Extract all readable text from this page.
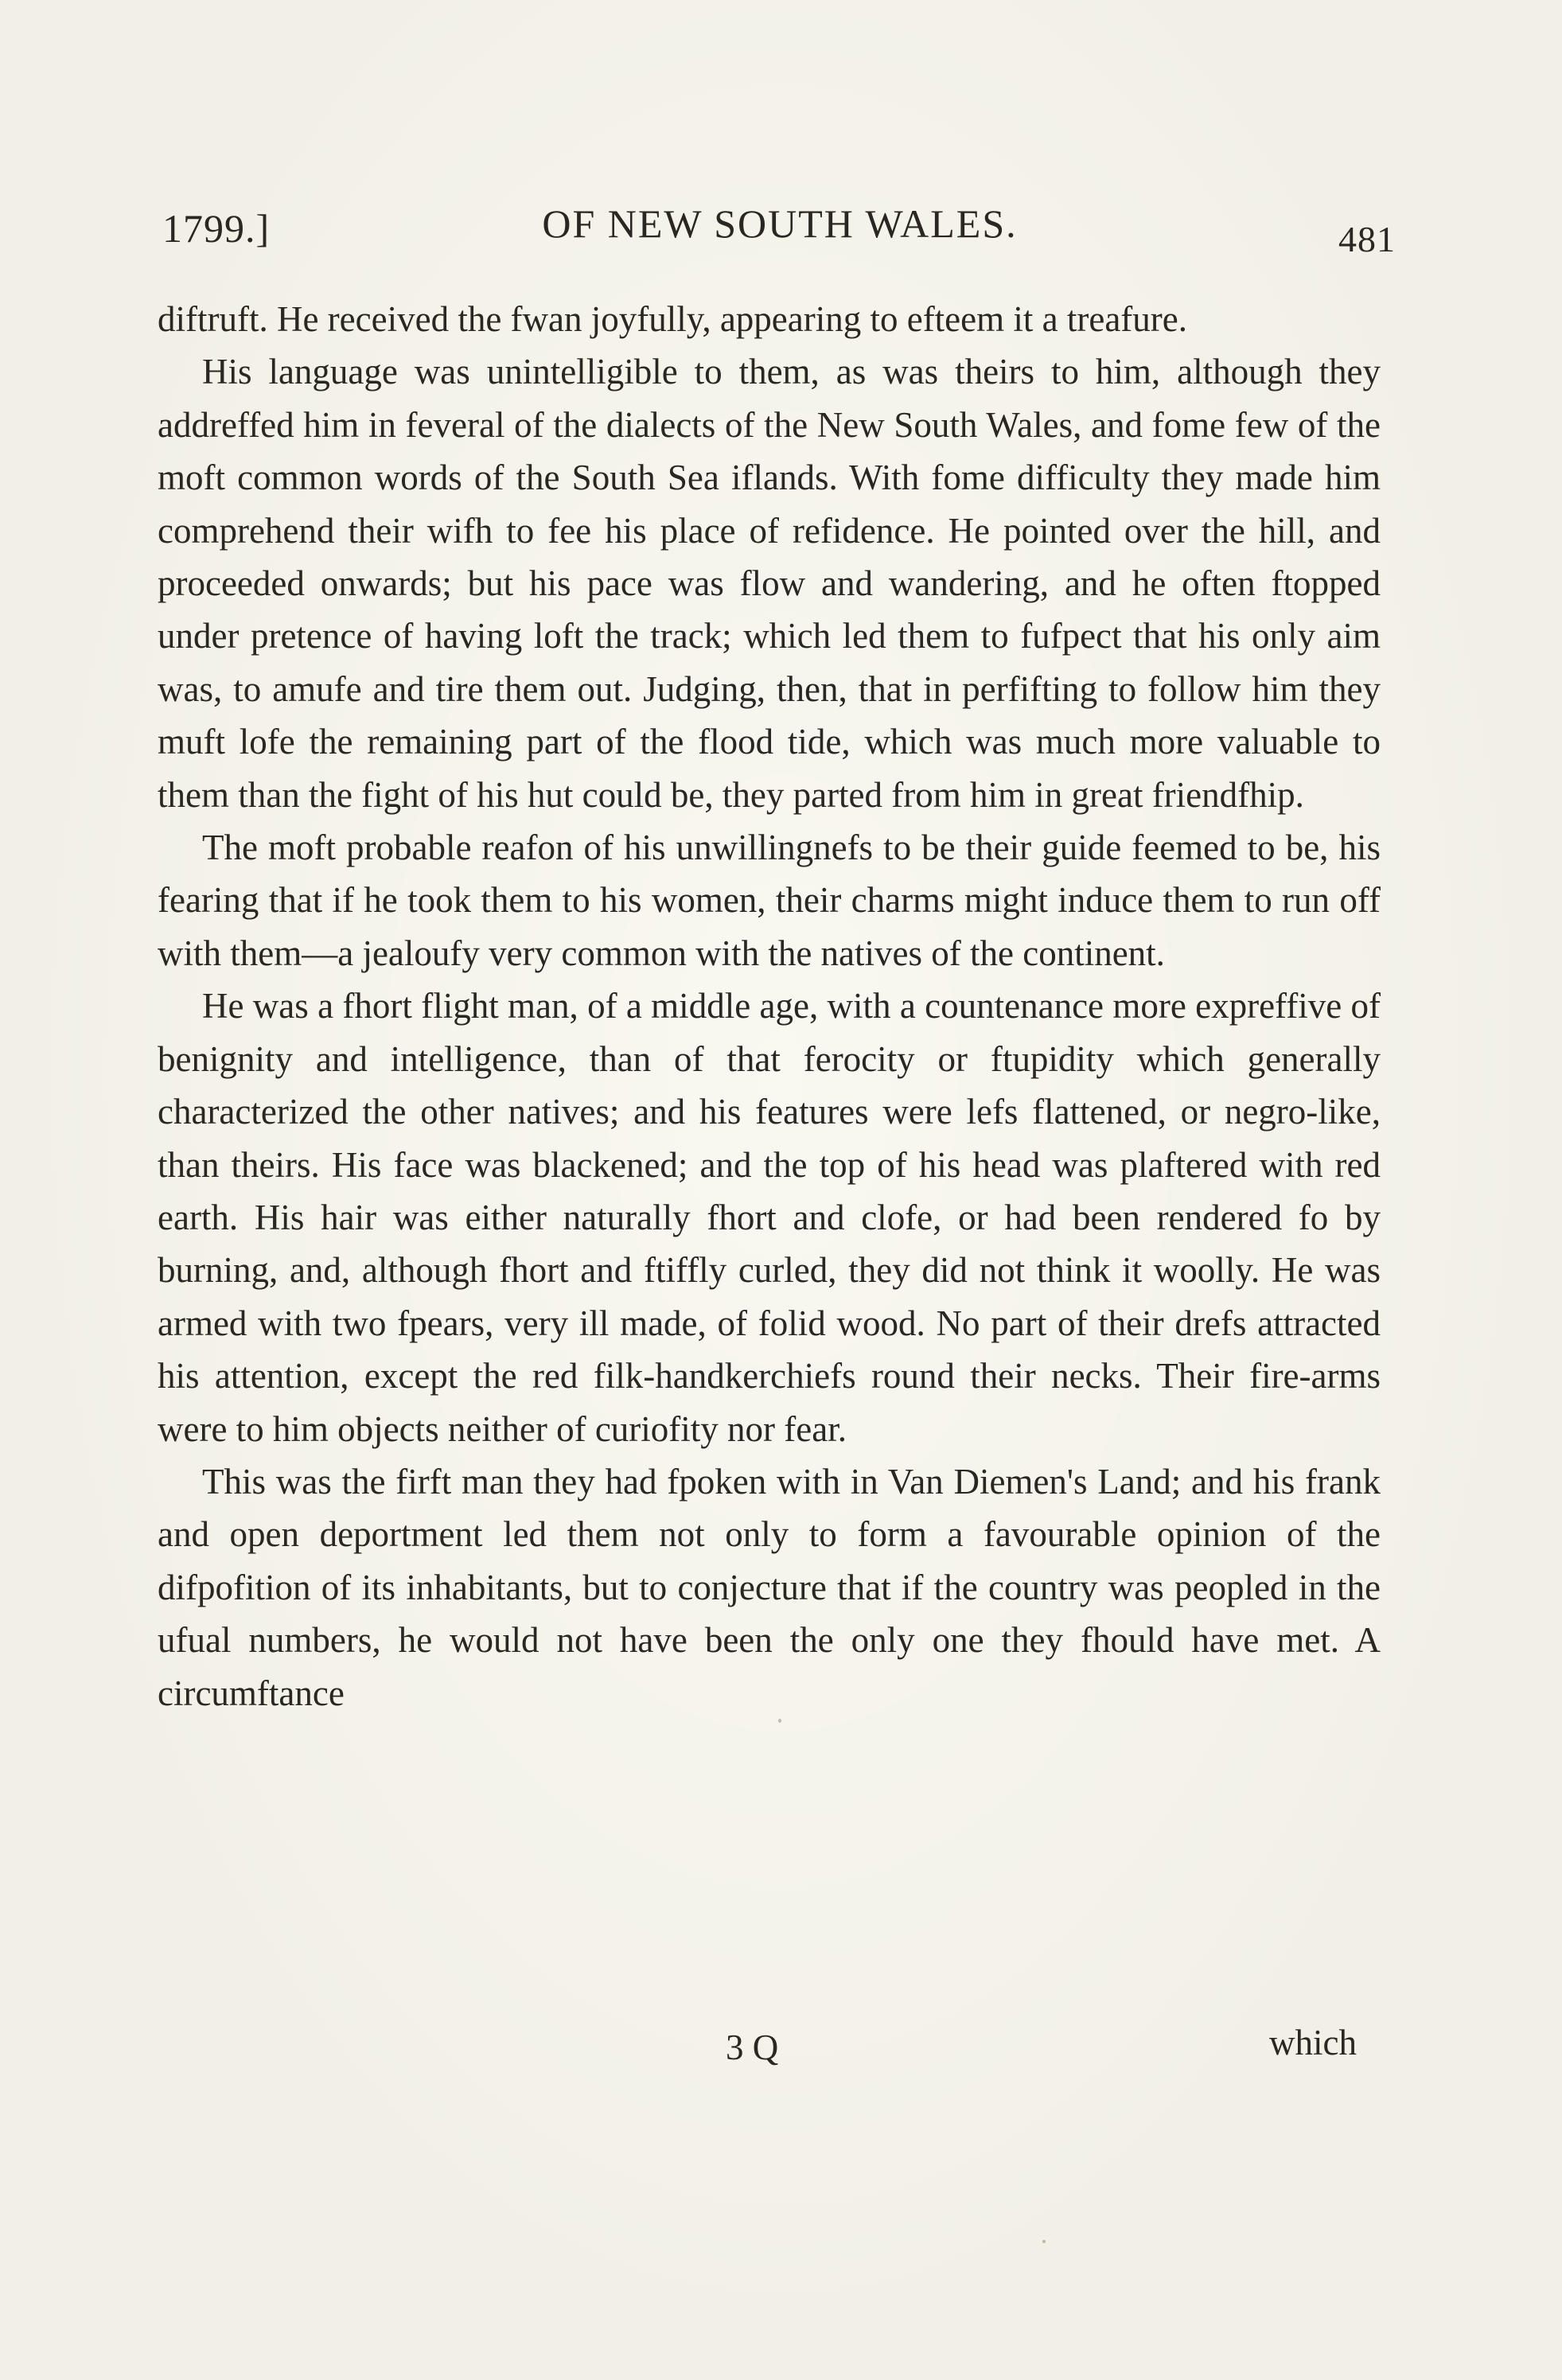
1799.]	OF NEW SOUTH WALES.	481

diftruft. He received the fwan joyfully, appearing to efteem it a treafure.

His language was unintelligible to them, as was theirs to him, although they addreffed him in feveral of the dialects of the New South Wales, and fome few of the moft common words of the South Sea iflands. With fome difficulty they made him comprehend their wifh to fee his place of refidence. He pointed over the hill, and proceeded onwards; but his pace was flow and wandering, and he often ftopped under pretence of having loft the track; which led them to fufpect that his only aim was, to amufe and tire them out. Judging, then, that in perfifting to follow him they muft lofe the remaining part of the flood tide, which was much more valuable to them than the fight of his hut could be, they parted from him in great friendfhip.

The moft probable reafon of his unwillingnefs to be their guide feemed to be, his fearing that if he took them to his women, their charms might induce them to run off with them—a jealoufy very common with the natives of the continent.

He was a fhort flight man, of a middle age, with a countenance more expreffive of benignity and intelligence, than of that ferocity or ftupidity which generally characterized the other natives; and his features were lefs flattened, or negro-like, than theirs. His face was blackened; and the top of his head was plaftered with red earth. His hair was either naturally fhort and clofe, or had been rendered fo by burning, and, although fhort and ftiffly curled, they did not think it woolly. He was armed with two fpears, very ill made, of folid wood. No part of their drefs attracted his attention, except the red filk-handkerchiefs round their necks. Their fire-arms were to him objects neither of curiofity nor fear.

This was the firft man they had fpoken with in Van Diemen's Land; and his frank and open deportment led them not only to form a favourable opinion of the difpofition of its inhabitants, but to conjecture that if the country was peopled in the ufual numbers, he would not have been the only one they fhould have met. A circumftance

3 Q	which
